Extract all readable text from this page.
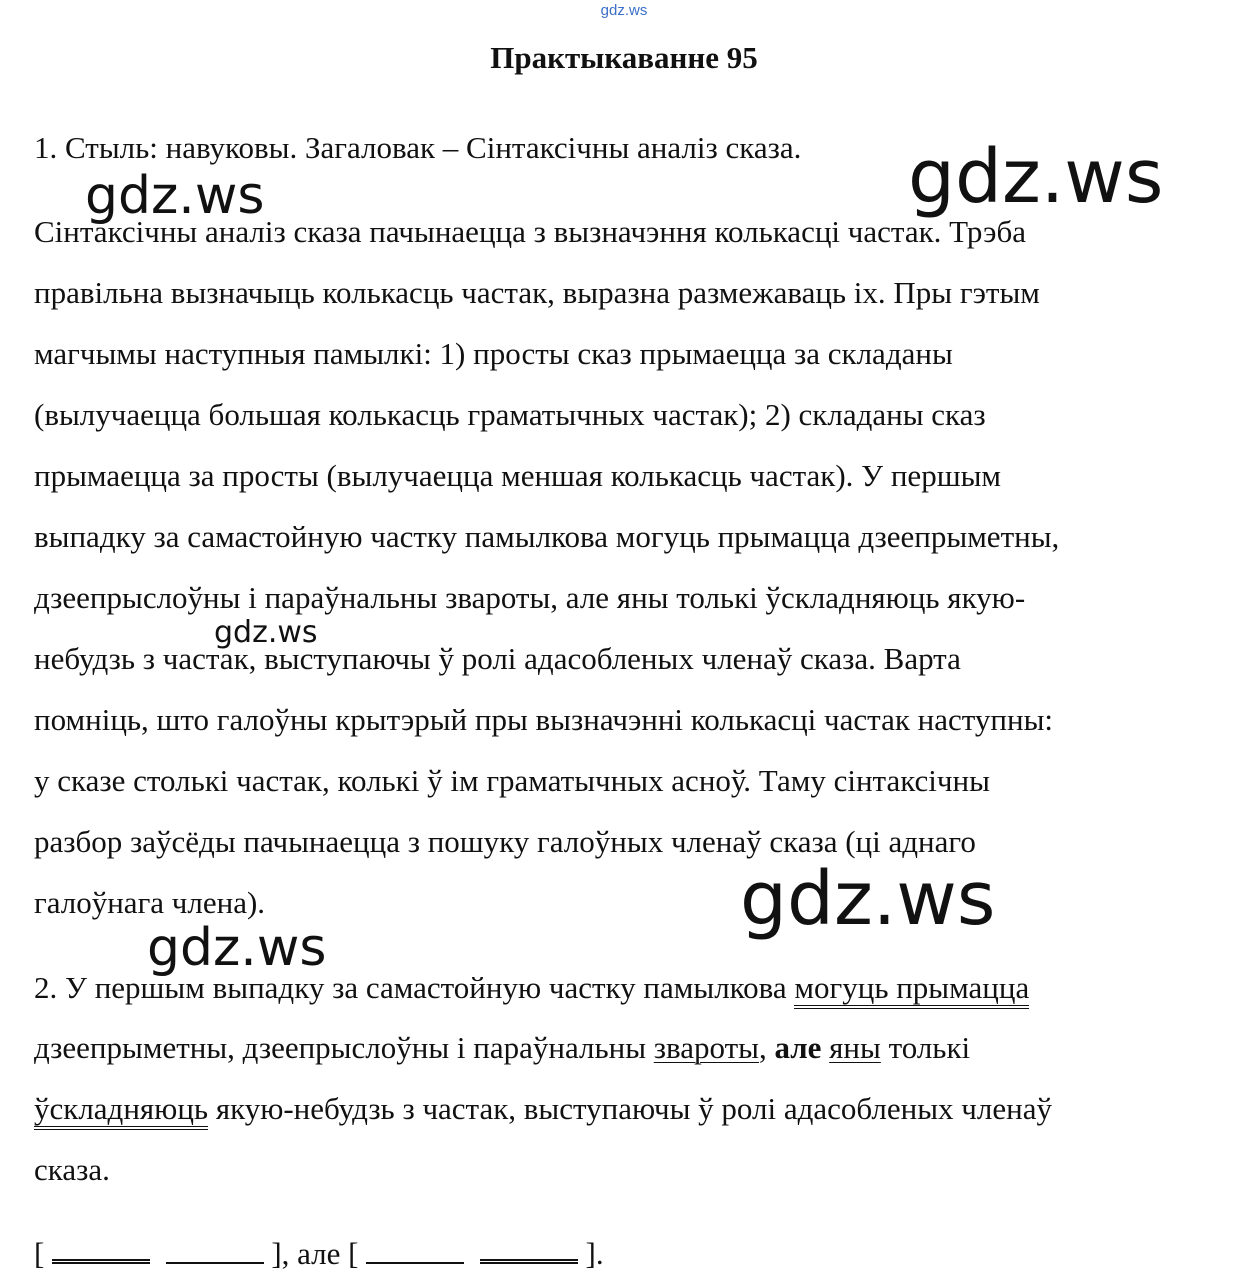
gdz.ws
Практыкаванне 95
1. Стыль: навуковы. Загаловак – Сінтаксічны аналіз сказа.
Сінтаксічны аналіз сказа пачынаецца з вызначэння колькасці частак. Трэба
правільна вызначыць колькасць частак, выразна размежаваць іх. Пры гэтым
магчымы наступныя памылкі: 1) просты сказ прымаецца за складаны
(вылучаецца большая колькасць граматычных частак); 2) складаны сказ
прымаецца за просты (вылучаецца меншая колькасць частак). У першым
выпадку за самастойную частку памылкова могуць прымацца дзеепрыметны,
дзеепрыслоўны і параўнальны звароты, але яны толькі ўскладняюць якую-
небудзь з частак, выступаючы ў ролі адасобленых членаў сказа. Варта
помніць, што галоўны крытэрый пры вызначэнні колькасці частак наступны:
у сказе столькі частак, колькі ў ім граматычных асноў. Таму сінтаксічны
разбор заўсёды пачынаецца з пошуку галоўных членаў сказа (ці аднаго
галоўнага члена).
2. У першым выпадку за самастойную частку памылкова могуць прымацца
дзеепрыметны, дзеепрыслоўны і параўнальны звароты, але яны толькі
ўскладняюць якую-небудзь з частак, выступаючы ў ролі адасобленых членаў
сказа.
[	], але [	].
gdz.ws	gdz.ws
gdz.ws
gdz.ws
gdz.ws
